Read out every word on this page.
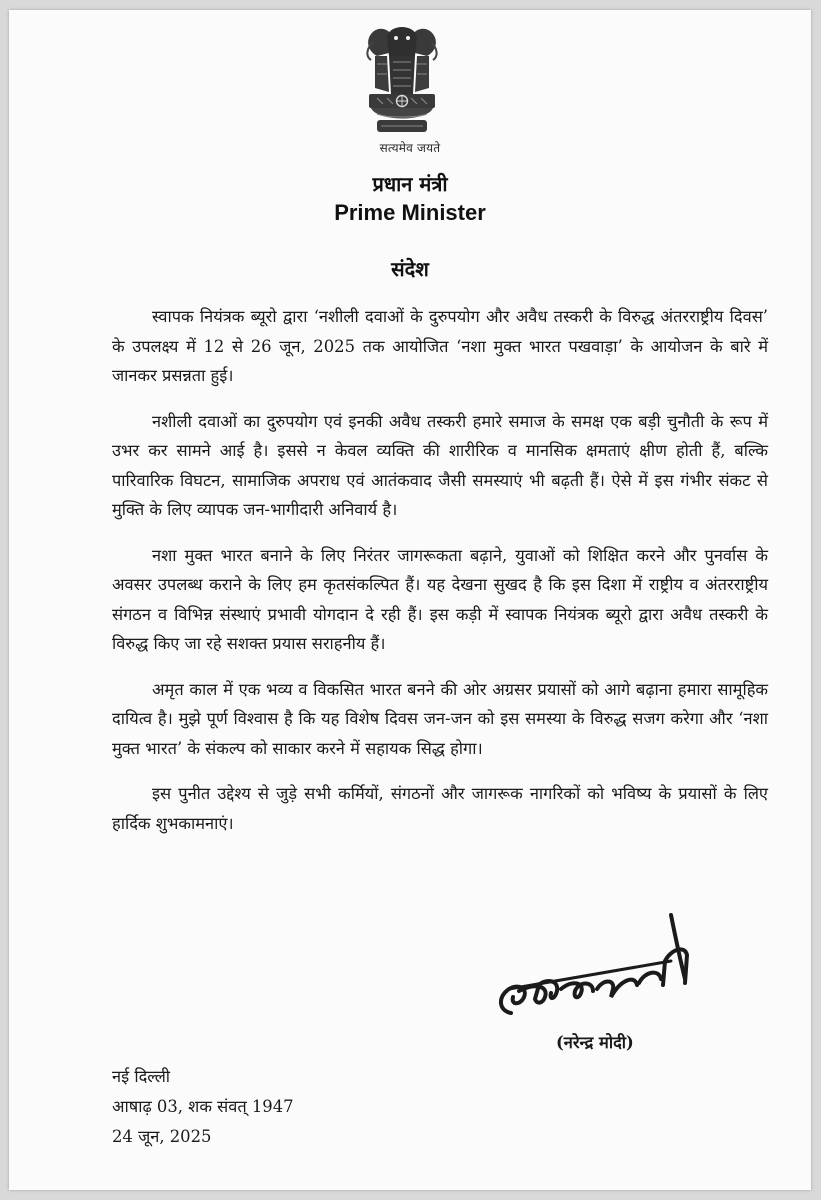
सत्यमेव जयते
प्रधान मंत्री
Prime Minister
संदेश

स्वापक नियंत्रक ब्यूरो द्वारा ‘नशीली दवाओं के दुरुपयोग और अवैध तस्करी के विरुद्ध अंतरराष्ट्रीय दिवस’ के उपलक्ष्य में 12 से 26 जून, 2025 तक आयोजित ‘नशा मुक्त भारत पखवाड़ा’ के आयोजन के बारे में जानकर प्रसन्नता हुई।

नशीली दवाओं का दुरुपयोग एवं इनकी अवैध तस्करी हमारे समाज के समक्ष एक बड़ी चुनौती के रूप में उभर कर सामने आई है। इससे न केवल व्यक्ति की शारीरिक व मानसिक क्षमताएं क्षीण होती हैं, बल्कि पारिवारिक विघटन, सामाजिक अपराध एवं आतंकवाद जैसी समस्याएं भी बढ़ती हैं। ऐसे में इस गंभीर संकट से मुक्ति के लिए व्यापक जन-भागीदारी अनिवार्य है।

नशा मुक्त भारत बनाने के लिए निरंतर जागरूकता बढ़ाने, युवाओं को शिक्षित करने और पुनर्वास के अवसर उपलब्ध कराने के लिए हम कृतसंकल्पित हैं। यह देखना सुखद है कि इस दिशा में राष्ट्रीय व अंतरराष्ट्रीय संगठन व विभिन्न संस्थाएं प्रभावी योगदान दे रही हैं। इस कड़ी में स्वापक नियंत्रक ब्यूरो द्वारा अवैध तस्करी के विरुद्ध किए जा रहे सशक्त प्रयास सराहनीय हैं।

अमृत काल में एक भव्य व विकसित भारत बनने की ओर अग्रसर प्रयासों को आगे बढ़ाना हमारा सामूहिक दायित्व है। मुझे पूर्ण विश्वास है कि यह विशेष दिवस जन-जन को इस समस्या के विरुद्ध सजग करेगा और ‘नशा मुक्त भारत’ के संकल्प को साकार करने में सहायक सिद्ध होगा।

इस पुनीत उद्देश्य से जुड़े सभी कर्मियों, संगठनों और जागरूक नागरिकों को भविष्य के प्रयासों के लिए हार्दिक शुभकामनाएं।

(नरेन्द्र मोदी)
नई दिल्ली
आषाढ़ 03, शक संवत् 1947
24 जून, 2025
